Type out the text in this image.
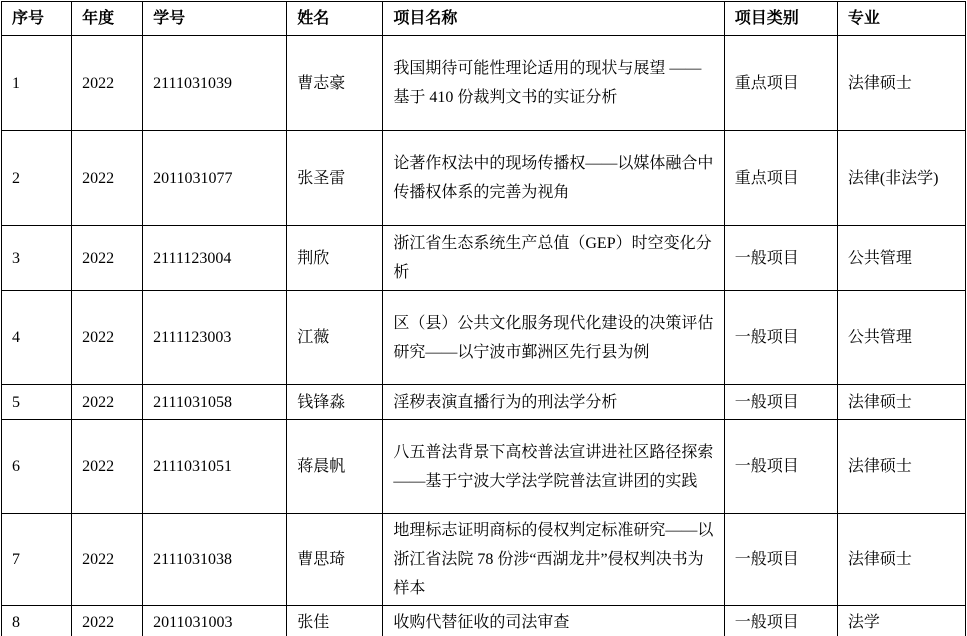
序号	年度	学号	姓名	项目名称	项目类别	专业
1	2022	2111031039	曹志豪	我国期待可能性理论适用的现状与展望 ——基于 410 份裁判文书的实证分析	重点项目	法律硕士
2	2022	2011031077	张圣雷	论著作权法中的现场传播权——以媒体融合中传播权体系的完善为视角	重点项目	法律(非法学)
3	2022	2111123004	荆欣	浙江省生态系统生产总值（GEP）时空变化分析	一般项目	公共管理
4	2022	2111123003	江薇	区（县）公共文化服务现代化建设的决策评估研究——以宁波市鄞洲区先行县为例	一般项目	公共管理
5	2022	2111031058	钱锋淼	淫秽表演直播行为的刑法学分析	一般项目	法律硕士
6	2022	2111031051	蒋晨帆	八五普法背景下高校普法宣讲进社区路径探索——基于宁波大学法学院普法宣讲团的实践	一般项目	法律硕士
7	2022	2111031038	曹思琦	地理标志证明商标的侵权判定标准研究——以浙江省法院 78 份涉“西湖龙井”侵权判决书为样本	一般项目	法律硕士
8	2022	2011031003	张佳	收购代替征收的司法审查	一般项目	法学
